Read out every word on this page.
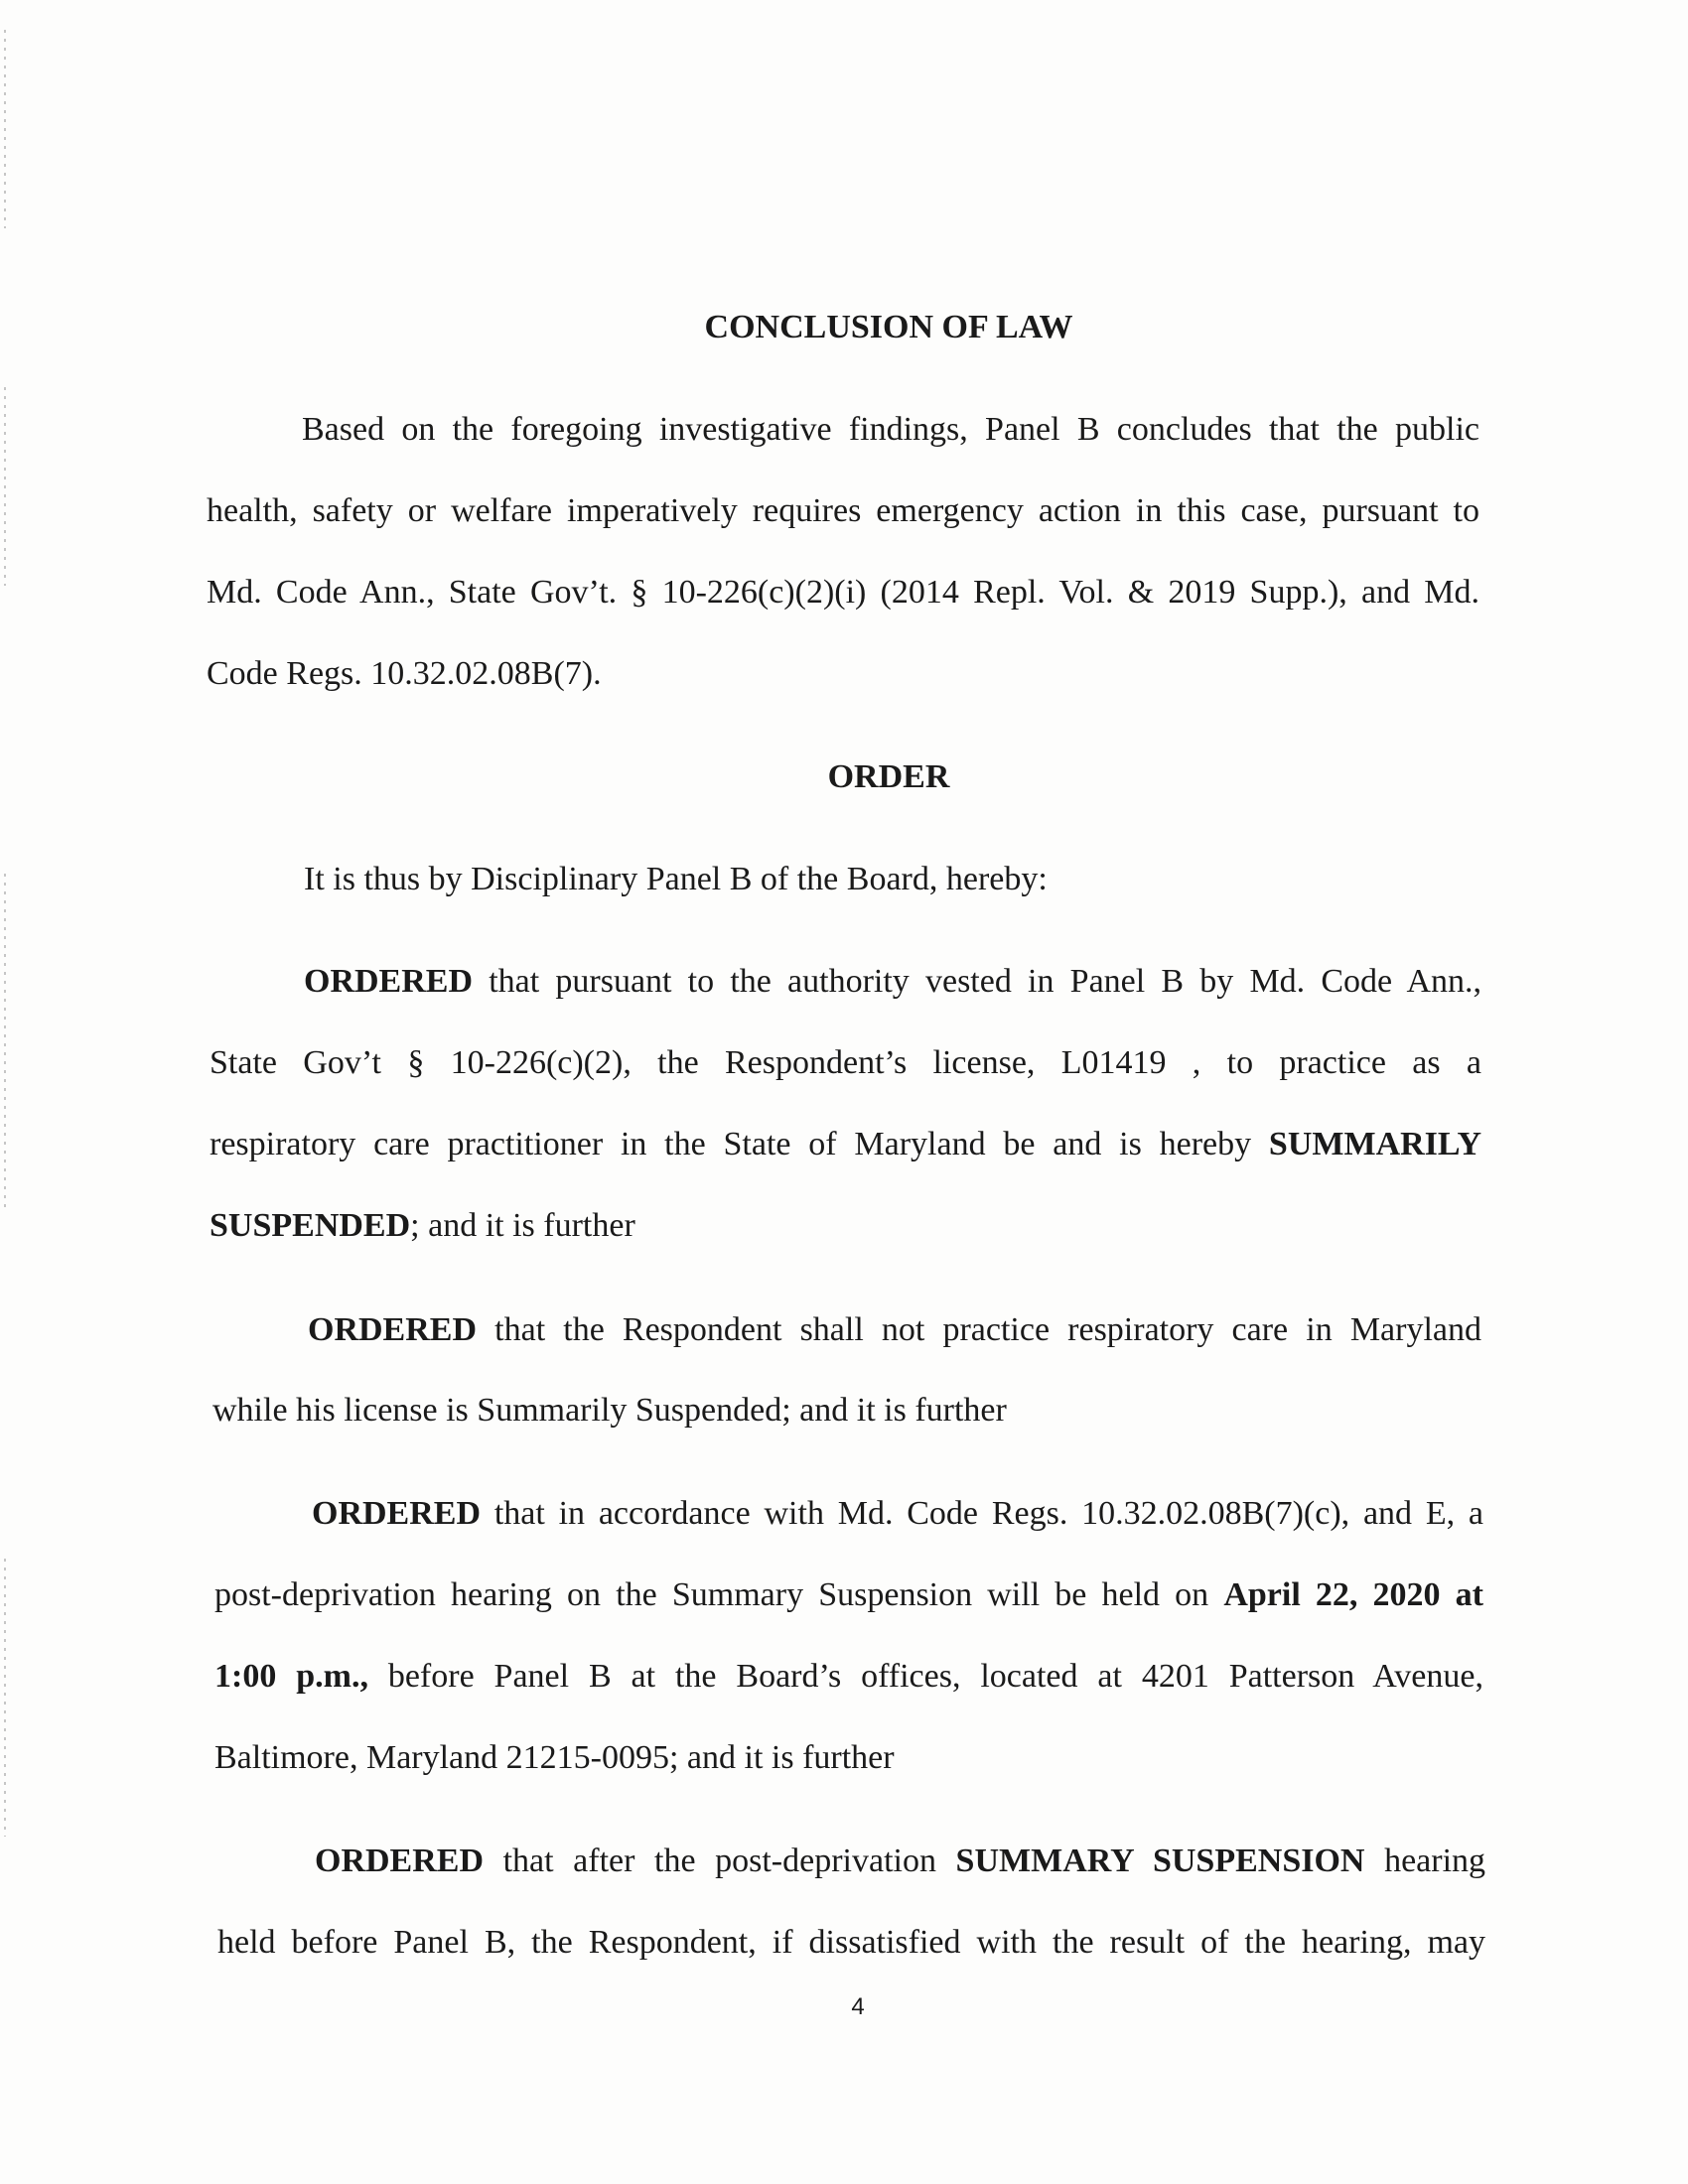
CONCLUSION OF LAW
Based on the foregoing investigative findings, Panel B concludes that the public
health, safety or welfare imperatively requires emergency action in this case, pursuant to
Md. Code Ann., State Gov’t. § 10-226(c)(2)(i) (2014 Repl. Vol. & 2019 Supp.), and Md.
Code Regs. 10.32.02.08B(7).
ORDER
It is thus by Disciplinary Panel B of the Board, hereby:
ORDERED that pursuant to the authority vested in Panel B by Md. Code Ann.,
State Gov’t § 10-226(c)(2), the Respondent’s license, L01419 , to practice as a
respiratory care practitioner in the State of Maryland be and is hereby SUMMARILY
SUSPENDED; and it is further
ORDERED that the Respondent shall not practice respiratory care in Maryland
while his license is Summarily Suspended; and it is further
ORDERED that in accordance with Md. Code Regs. 10.32.02.08B(7)(c), and E, a
post-deprivation hearing on the Summary Suspension will be held on April 22, 2020 at
1:00 p.m., before Panel B at the Board’s offices, located at 4201 Patterson Avenue,
Baltimore, Maryland 21215-0095; and it is further
ORDERED that after the post-deprivation SUMMARY SUSPENSION hearing
held before Panel B, the Respondent, if dissatisfied with the result of the hearing, may
4
